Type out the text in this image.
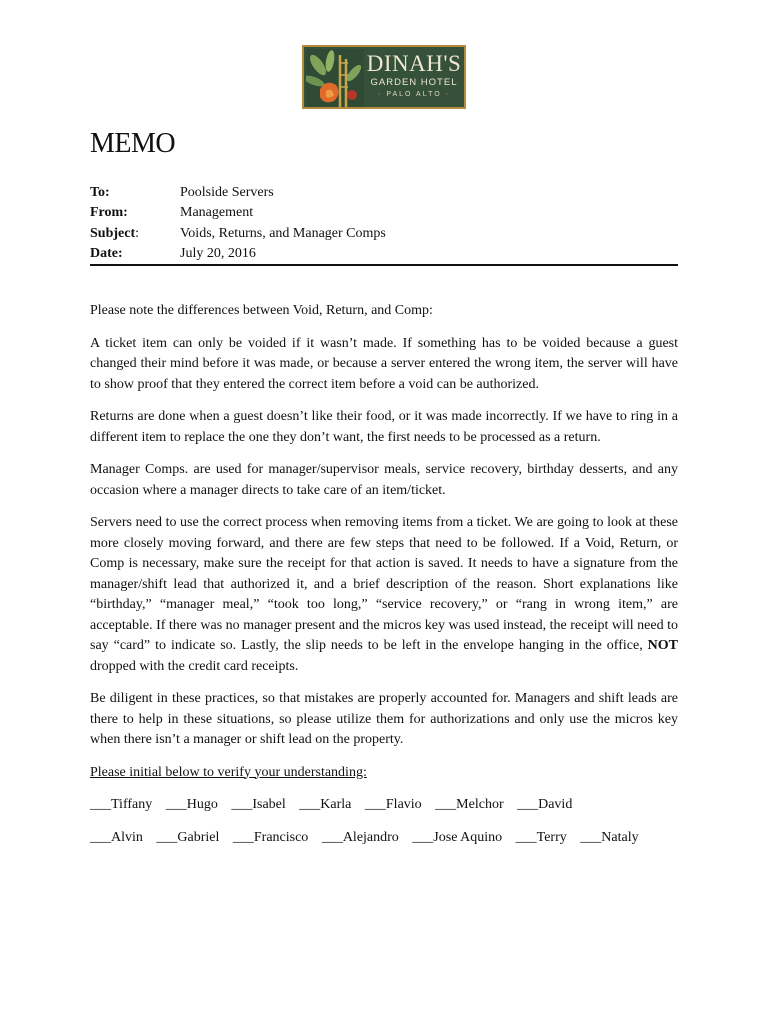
DINAH'S
GARDEN HOTEL
· PALO ALTO ·
MEMO
To:	Poolside Servers
From:	Management
Subject:	Voids, Returns, and Manager Comps
Date:	July 20, 2016

Please note the differences between Void, Return, and Comp:

A ticket item can only be voided if it wasn’t made. If something has to be voided because a guest changed their mind before it was made, or because a server entered the wrong item, the server will have to show proof that they entered the correct item before a void can be authorized.

Returns are done when a guest doesn’t like their food, or it was made incorrectly. If we have to ring in a different item to replace the one they don’t want, the first needs to be processed as a return.

Manager Comps. are used for manager/supervisor meals, service recovery, birthday desserts, and any occasion where a manager directs to take care of an item/ticket.

Servers need to use the correct process when removing items from a ticket. We are going to look at these more closely moving forward, and there are few steps that need to be followed. If a Void, Return, or Comp is necessary, make sure the receipt for that action is saved. It needs to have a signature from the manager/shift lead that authorized it, and a brief description of the reason. Short explanations like “birthday,” “manager meal,” “took too long,” “service recovery,” or “rang in wrong item,” are acceptable. If there was no manager present and the micros key was used instead, the receipt will need to say “card” to indicate so. Lastly, the slip needs to be left in the envelope hanging in the office, NOT dropped with the credit card receipts.

Be diligent in these practices, so that mistakes are properly accounted for. Managers and shift leads are there to help in these situations, so please utilize them for authorizations and only use the micros key when there isn’t a manager or shift lead on the property.

Please initial below to verify your understanding:
___Tiffany ___Hugo ___Isabel ___Karla ___Flavio ___Melchor ___David
___Alvin ___Gabriel ___Francisco ___Alejandro ___Jose Aquino ___Terry ___Nataly
